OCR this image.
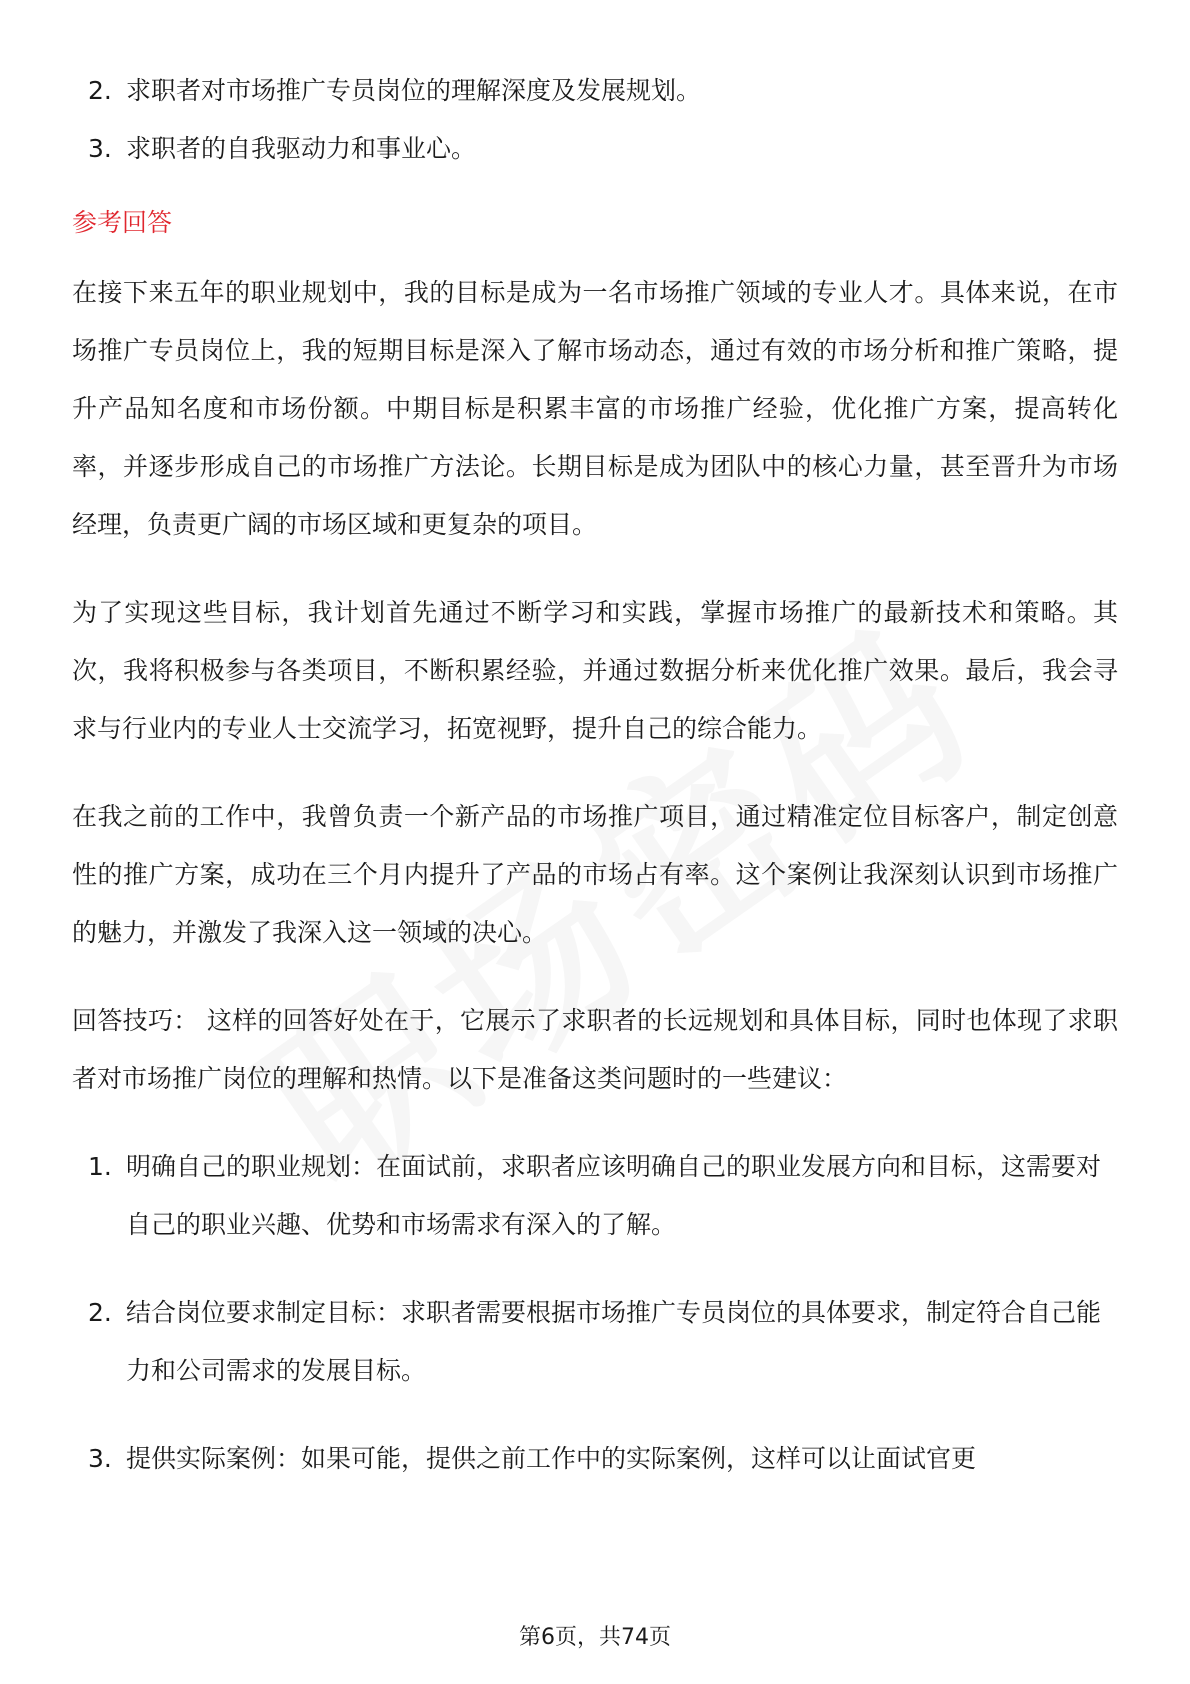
2. 求职者对市场推广专员岗位的理解深度及发展规划。
3. 求职者的自我驱动力和事业心。
参考回答

在接下来五年的职业规划中，我的目标是成为一名市场推广领域的专业人才。具体来说，在市场推广专员岗位上，我的短期目标是深入了解市场动态，通过有效的市场分析和推广策略，提升产品知名度和市场份额。中期目标是积累丰富的市场推广经验，优化推广方案，提高转化率，并逐步形成自己的市场推广方法论。长期目标是成为团队中的核心力量，甚至晋升为市场经理，负责更广阔的市场区域和更复杂的项目。

为了实现这些目标，我计划首先通过不断学习和实践，掌握市场推广的最新技术和策略。其次，我将积极参与各类项目，不断积累经验，并通过数据分析来优化推广效果。最后，我会寻求与行业内的专业人士交流学习，拓宽视野，提升自己的综合能力。

在我之前的工作中，我曾负责一个新产品的市场推广项目，通过精准定位目标客户，制定创意性的推广方案，成功在三个月内提升了产品的市场占有率。这个案例让我深刻认识到市场推广的魅力，并激发了我深入这一领域的决心。

回答技巧： 这样的回答好处在于，它展示了求职者的长远规划和具体目标，同时也体现了求职者对市场推广岗位的理解和热情。以下是准备这类问题时的一些建议：

1. 明确自己的职业规划：在面试前，求职者应该明确自己的职业发展方向和目标，这需要对自己的职业兴趣、优势和市场需求有深入的了解。
2. 结合岗位要求制定目标：求职者需要根据市场推广专员岗位的具体要求，制定符合自己能力和公司需求的发展目标。
3. 提供实际案例：如果可能，提供之前工作中的实际案例，这样可以让面试官更
第6页，共74页
